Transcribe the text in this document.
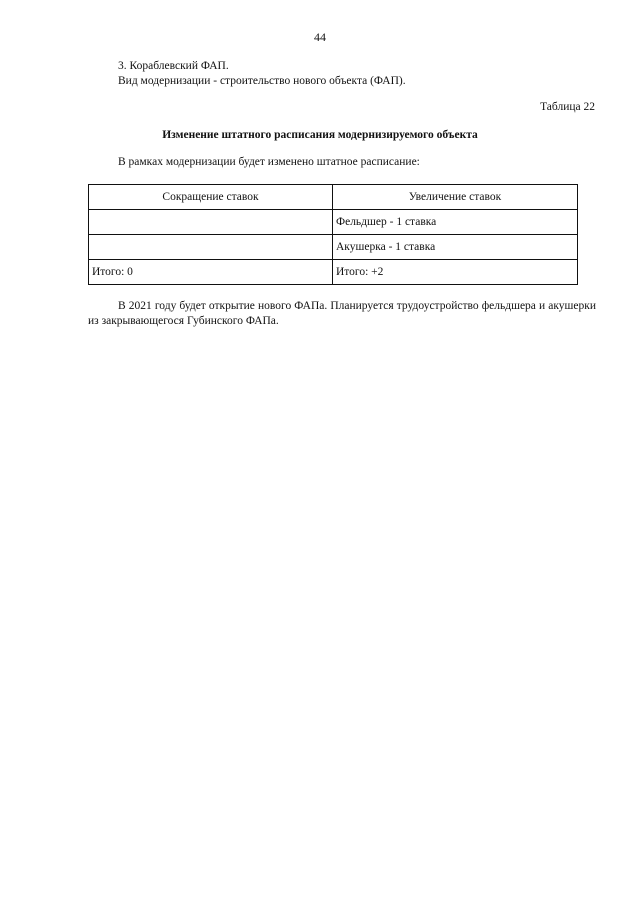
44
3. Кораблевский ФАП.
Вид модернизации - строительство нового объекта (ФАП).
Таблица 22
Изменение штатного расписания модернизируемого объекта
В рамках модернизации будет изменено штатное расписание:
Сокращение ставок	Увеличение ставок
	Фельдшер - 1 ставка
	Акушерка - 1 ставка
Итого: 0	Итого: +2
В 2021 году будет открытие нового ФАПа. Планируется трудоустройство фельдшера и акушерки из закрывающегося Губинского ФАПа.
